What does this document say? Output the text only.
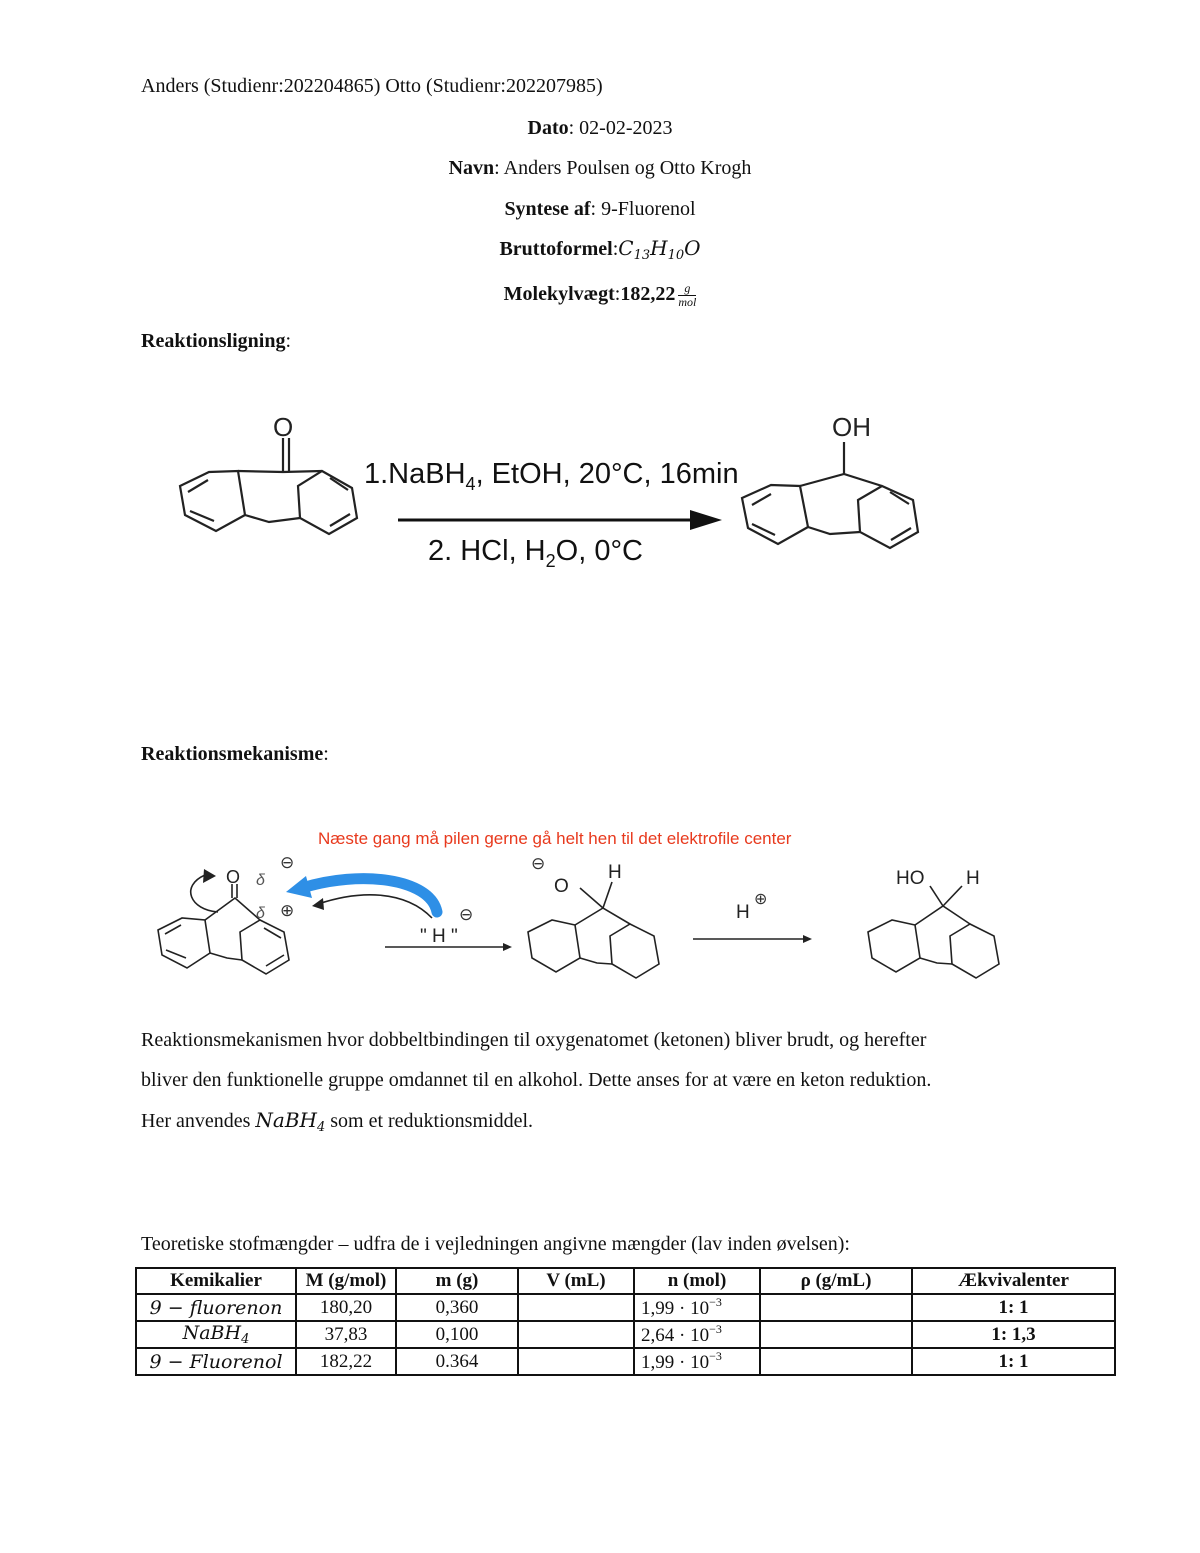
Anders (Studienr:202204865) Otto (Studienr:202207985)
Dato: 02-02-2023
Navn: Anders Poulsen og Otto Krogh
Syntese af: 9-Fluorenol
$Bruttoformel:C_{13}H_{10}O$
Molekylvægt:182,22 $\frac{g}{\text{mol}}$
Reaktionsligning:
O
1.NaBH$_4$, EtOH, 20°C, 16min
2. HCl, $H_2O$, 0°C
OH
Reaktionsmekanisme:
Næste gang må pilen gerne gå helt hen til det elektrofile center
O δ
⊖
δ ⊕	⊖
" H "
⊖
O
H
H
⊕
HO H
Reaktionsmekanismen hvor dobbeltbindingen til oxygenatomet (ketonen) bliver brudt, og herefter
bliver den funktionelle gruppe omdannet til en alkohol. Dette anses for at være en keton reduktion.
Her anvendes NaBH$_4$ som et reduktionsmiddel.
Teoretiske stofmængder – udfra de i vejledningen angivne mængder (lav inden øvelsen):
Kemikalier	M (g/mol)	m (g)	V (mL)	n (mol)	ρ (g/mL)	Ækvivalenter
9 − fluorenon	180,20	0,360		$1,99 \cdot 10^{-3}$		1: 1
NaBH$_4$	37,83	0,100		$2,64 \cdot 10^{-3}$		1: 1,3
9 − Fluorenol	182,22	0.364		$1,99 \cdot 10^{-3}$		1: 1
